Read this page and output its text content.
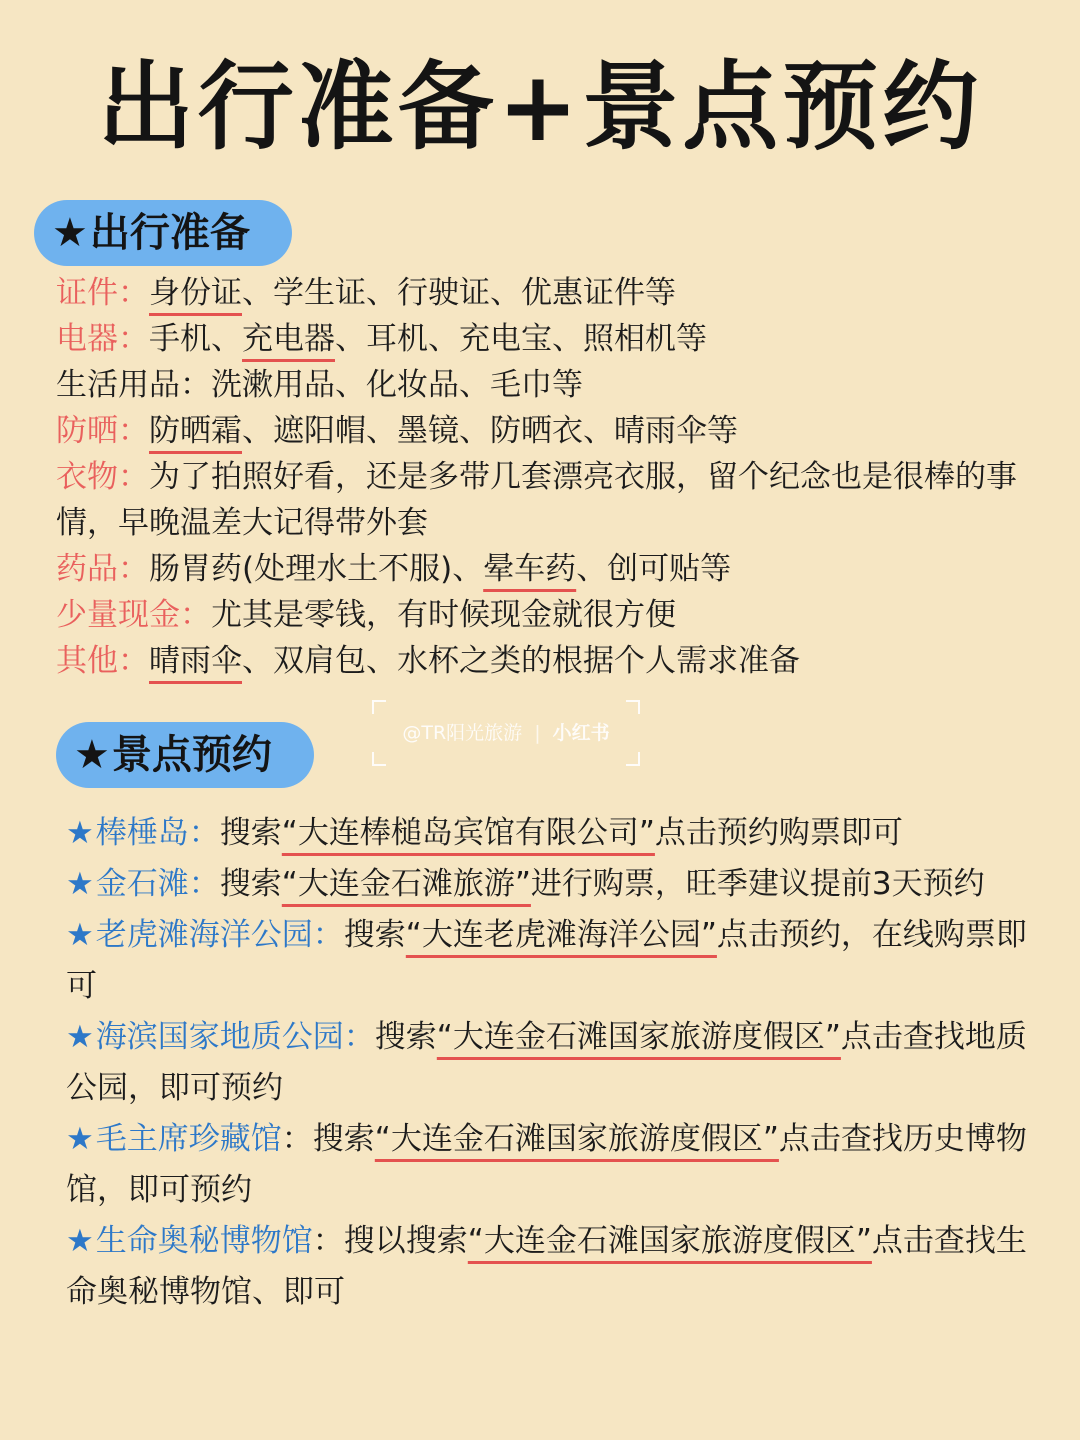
出行准备+景点预约
★出行准备
证件：身份证、学生证、行驶证、优惠证件等
电器：手机、充电器、耳机、充电宝、照相机等
生活用品：洗漱用品、化妆品、毛巾等
防晒：防晒霜、遮阳帽、墨镜、防晒衣、晴雨伞等
衣物：为了拍照好看，还是多带几套漂亮衣服，留个纪念也是很棒的事情，早晚温差大记得带外套
药品：肠胃药(处理水土不服)、晕车药、创可贴等
少量现金：尤其是零钱，有时候现金就很方便
其他：晴雨伞、双肩包、水杯之类的根据个人需求准备
@TR阳光旅游 | 小红书
★景点预约
★棒棰岛：搜索“大连棒槌岛宾馆有限公司”点击预约购票即可
★金石滩：搜索“大连金石滩旅游”进行购票，旺季建议提前3天预约
★老虎滩海洋公园：搜索“大连老虎滩海洋公园”点击预约，在线购票即可
★海滨国家地质公园：搜索“大连金石滩国家旅游度假区”点击查找地质公园，即可预约
★毛主席珍藏馆：搜索“大连金石滩国家旅游度假区”点击查找历史博物馆，即可预约
★生命奥秘博物馆：搜以搜索“大连金石滩国家旅游度假区”点击查找生命奥秘博物馆、即可
